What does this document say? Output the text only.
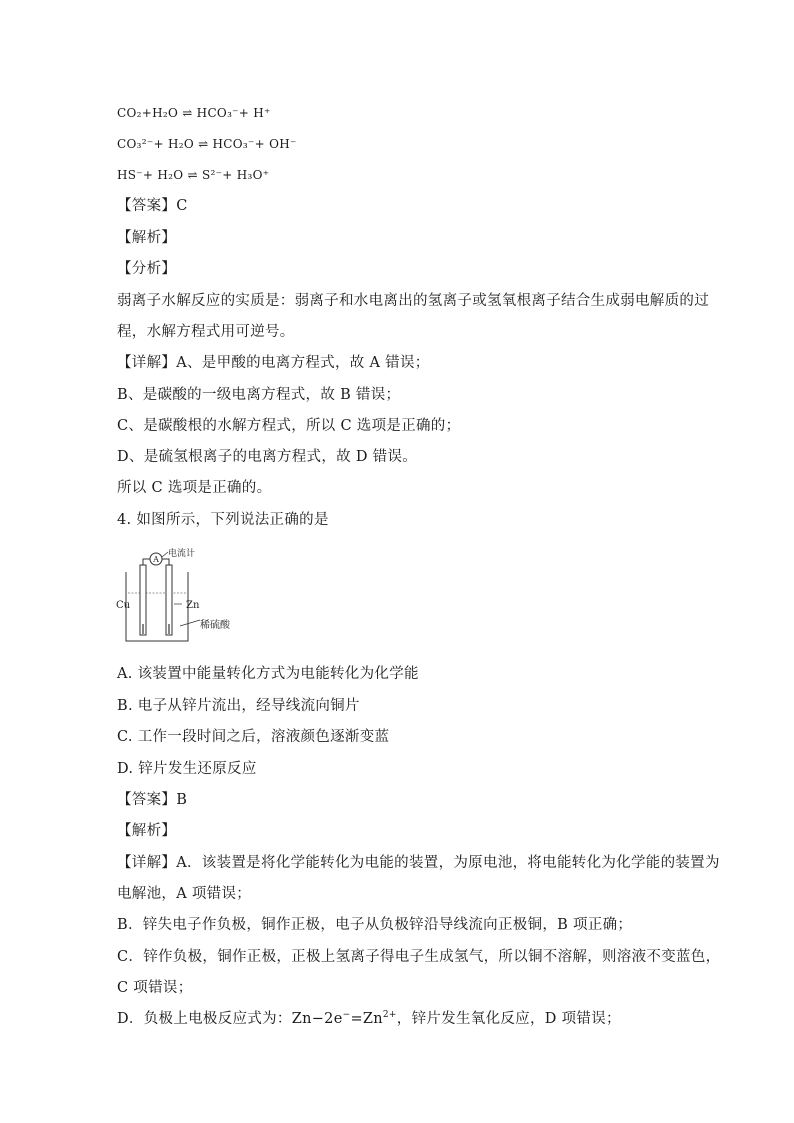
CO₂+H₂O ⇌ HCO₃⁻+ H⁺
CO₃²⁻+ H₂O ⇌ HCO₃⁻+ OH⁻
HS⁻+ H₂O ⇌ S²⁻+ H₃O⁺
【答案】C
【解析】
【分析】
弱离子水解反应的实质是：弱离子和水电离出的氢离子或氢氧根离子结合生成弱电解质的过
程，水解方程式用可逆号。
【详解】A、是甲酸的电离方程式，故 A 错误；
B、是碳酸的一级电离方程式，故 B 错误；
C、是碳酸根的水解方程式，所以 C 选项是正确的；
D、是硫氢根离子的电离方程式，故 D 错误。
所以 C 选项是正确的。
4. 如图所示，下列说法正确的是
A
电流计
Cu	Zn
稀硫酸
A. 该装置中能量转化方式为电能转化为化学能
B. 电子从锌片流出，经导线流向铜片
C. 工作一段时间之后，溶液颜色逐渐变蓝
D. 锌片发生还原反应
【答案】B
【解析】
【详解】A．该装置是将化学能转化为电能的装置，为原电池，将电能转化为化学能的装置为
电解池，A 项错误；
B．锌失电子作负极，铜作正极，电子从负极锌沿导线流向正极铜，B 项正确；
C．锌作负极，铜作正极，正极上氢离子得电子生成氢气，所以铜不溶解，则溶液不变蓝色，
C 项错误；
D．负极上电极反应式为：$Zn-2e^-=Zn^{2+}$，锌片发生氧化反应，D 项错误；
